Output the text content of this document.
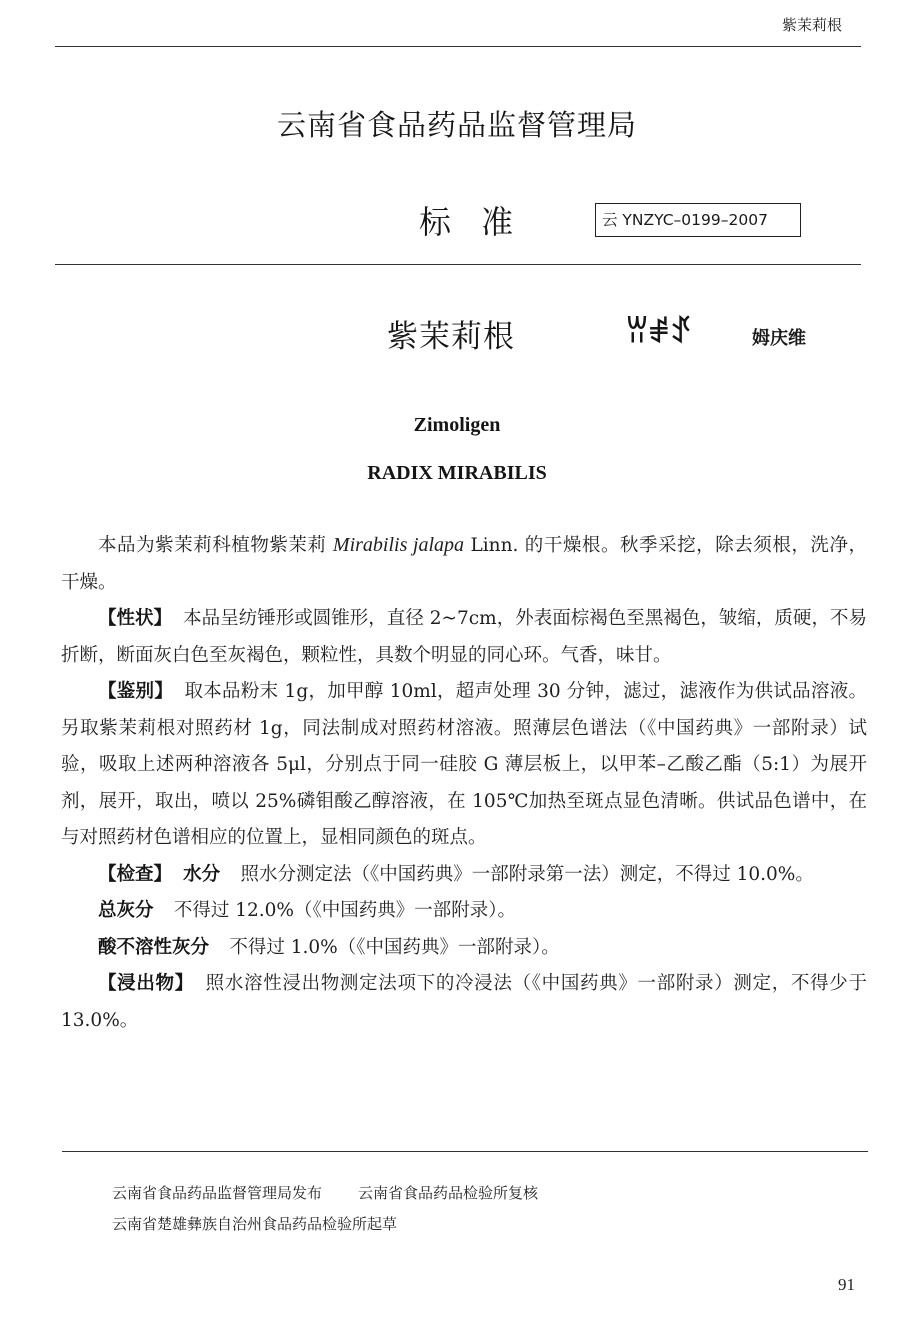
紫茉莉根
云南省食品药品监督管理局
标 准	云 YNZYC–0199–2007
紫茉莉根	ꀕꂱꀋ	姆庆维
Zimoligen
RADIX MIRABILIS

本品为紫茉莉科植物紫茉莉 Mirabilis jalapa Linn. 的干燥根。秋季采挖，除去须根，洗净，干燥。

【性状】 本品呈纺锤形或圆锥形，直径 2~7cm，外表面棕褐色至黑褐色，皱缩，质硬，不易折断，断面灰白色至灰褐色，颗粒性，具数个明显的同心环。气香，味甘。

【鉴别】 取本品粉末 1g，加甲醇 10ml，超声处理 30 分钟，滤过，滤液作为供试品溶液。另取紫茉莉根对照药材 1g，同法制成对照药材溶液。照薄层色谱法（《中国药典》一部附录）试验，吸取上述两种溶液各 5μl，分别点于同一硅胶 G 薄层板上，以甲苯–乙酸乙酯（5:1）为展开剂，展开，取出，喷以 25%磷钼酸乙醇溶液，在 105℃加热至斑点显色清晰。供试品色谱中，在与对照药材色谱相应的位置上，显相同颜色的斑点。

【检查】 水分 照水分测定法（《中国药典》一部附录第一法）测定，不得过 10.0%。

总灰分 不得过 12.0%（《中国药典》一部附录）。

酸不溶性灰分 不得过 1.0%（《中国药典》一部附录）。

【浸出物】 照水溶性浸出物测定法项下的冷浸法（《中国药典》一部附录）测定，不得少于 13.0%。

云南省食品药品监督管理局发布 云南省食品药品检验所复核
云南省楚雄彝族自治州食品药品检验所起草
91
